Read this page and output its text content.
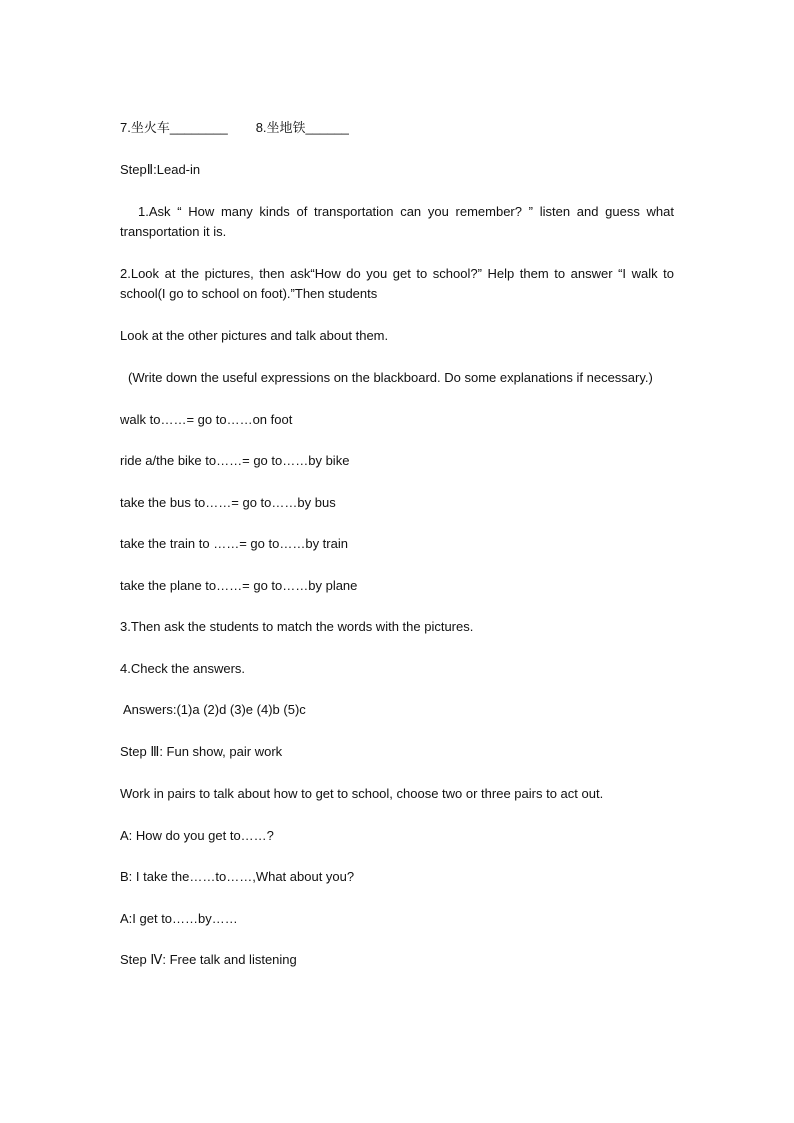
7.坐火车________ 8.坐地铁______
StepⅡ:Lead-in
1.Ask “ How many kinds of transportation can you remember? ” listen and guess what transportation it is.
2.Look at the pictures, then ask“How do you get to school?” Help them to answer “I walk to school(I go to school on foot).”Then students
Look at the other pictures and talk about them.
(Write down the useful expressions on the blackboard. Do some explanations if necessary.)
walk to……= go to……on foot
ride a/the bike to……= go to……by bike
take the bus to……= go to……by bus
take the train to ……= go to……by train
take the plane to……= go to……by plane
3.Then ask the students to match the words with the pictures.
4.Check the answers.
Answers:(1)a (2)d (3)e (4)b (5)c
Step Ⅲ: Fun show, pair work
Work in pairs to talk about how to get to school, choose two or three pairs to act out.
A: How do you get to……?
B: I take the……to……,What about you?
A:I get to……by……
Step Ⅳ: Free talk and listening
